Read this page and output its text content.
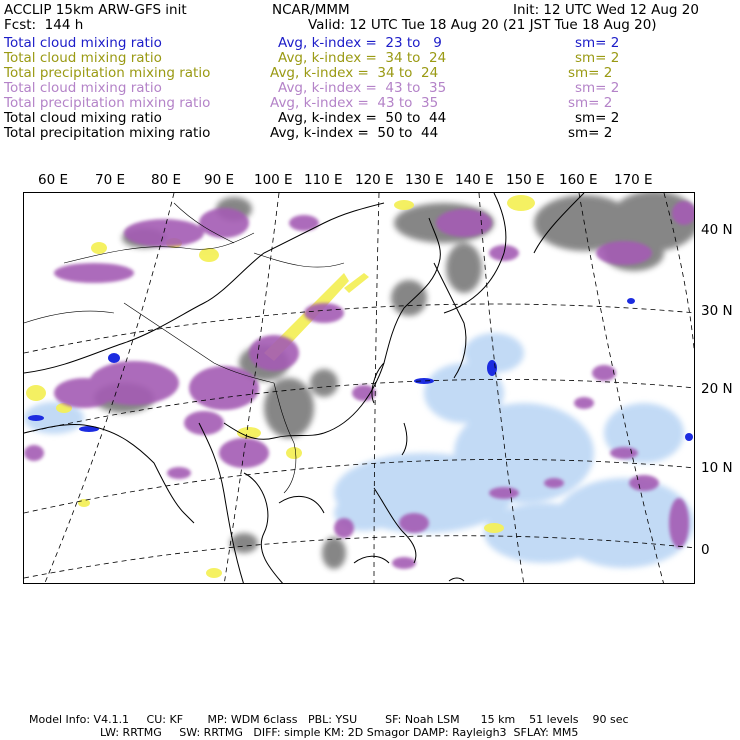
ACCLIP 15km ARW-GFS init	NCAR/MMM	Init: 12 UTC Wed 12 Aug 20
Fcst:  144 h	Valid: 12 UTC Tue 18 Aug 20 (21 JST Tue 18 Aug 20)
Total cloud mixing ratio	Avg, k-index =  23 to   9	sm= 2
Total cloud mixing ratio	Avg, k-index =  34 to  24	sm= 2
Total precipitation mixing ratio	Avg, k-index =  34 to  24	sm= 2
Total cloud mixing ratio	Avg, k-index =  43 to  35	sm= 2
Total precipitation mixing ratio	Avg, k-index =  43 to  35	sm= 2
Total cloud mixing ratio	Avg, k-index =  50 to  44	sm= 2
Total precipitation mixing ratio	Avg, k-index =  50 to  44	sm= 2
60 E 70 E 80 E 90 E 100 E 110 E 120 E 130 E 140 E 150 E 160 E 170 E
40 N
30 N
20 N
10 N
0
Model Info: V4.1.1     CU: KF       MP: WDM 6class   PBL: YSU        SF: Noah LSM      15 km    51 levels    90 sec
LW: RRTMG     SW: RRTMG   DIFF: simple KM: 2D Smagor DAMP: Rayleigh3  SFLAY: MM5
